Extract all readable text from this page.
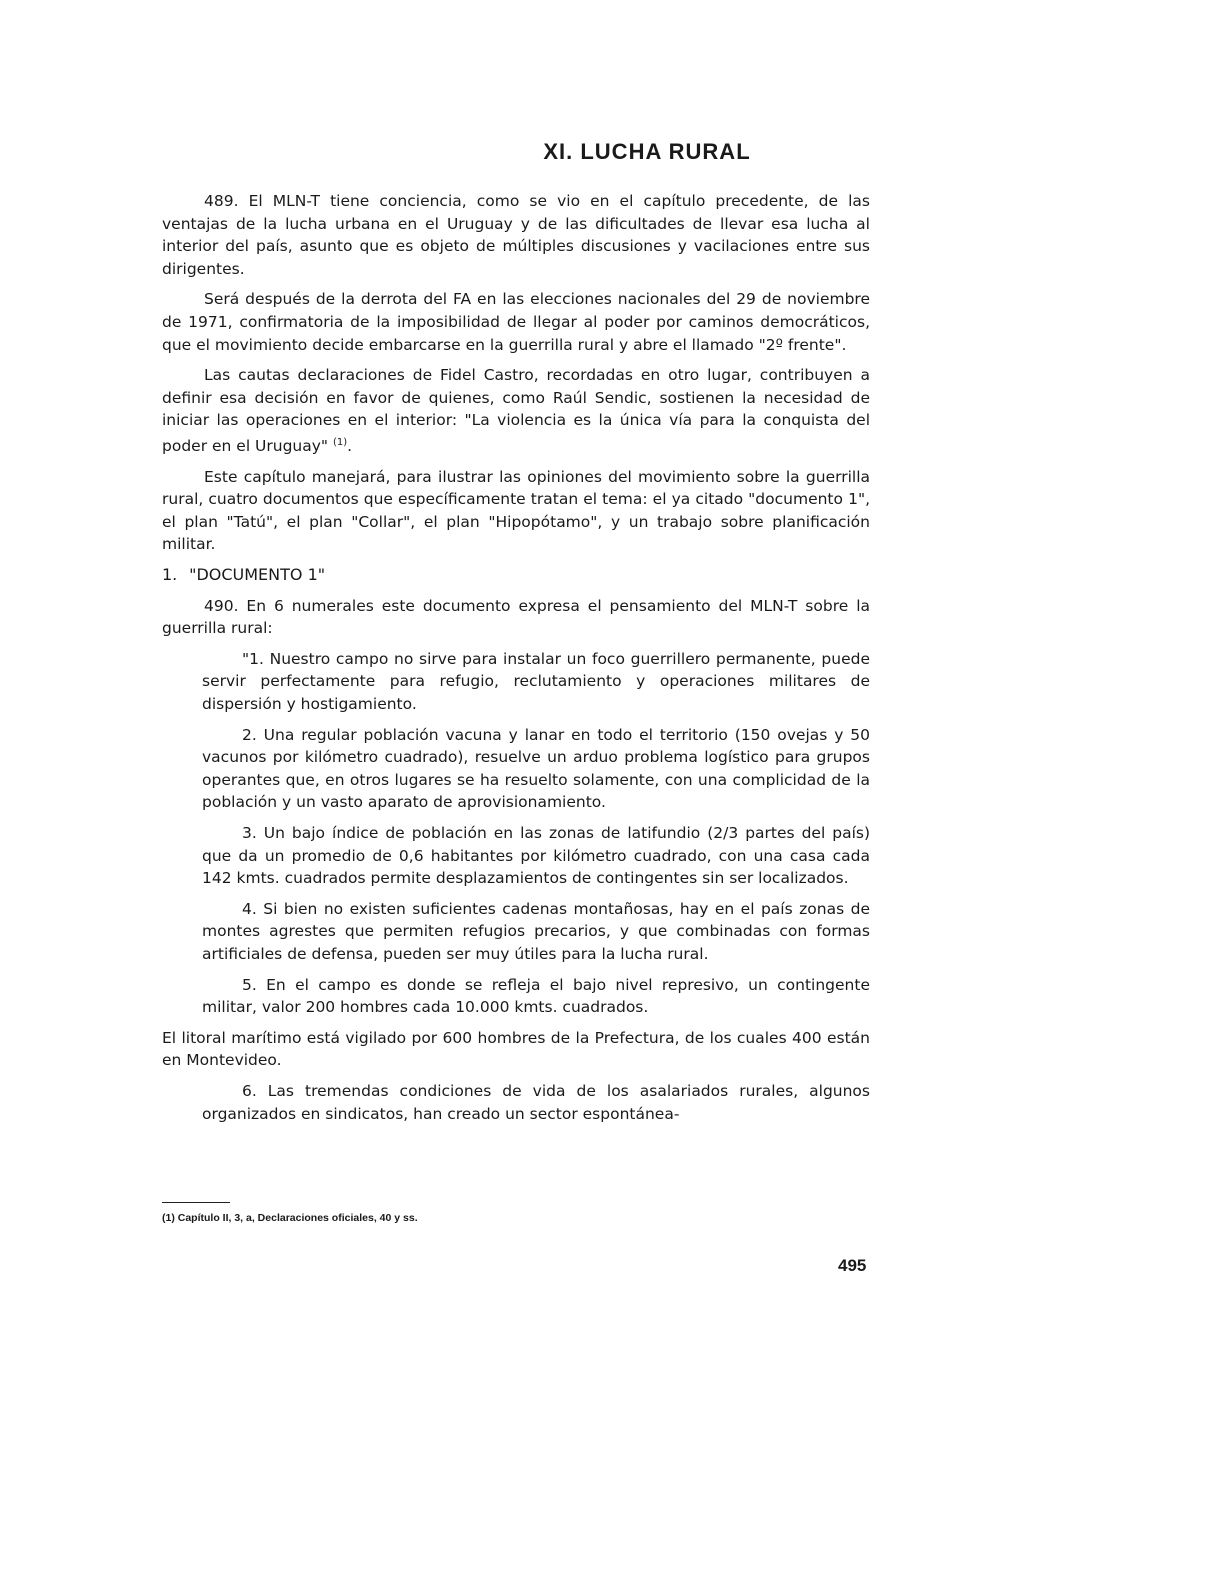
XI. LUCHA RURAL

489. El MLN-T tiene conciencia, como se vio en el capítulo precedente, de las ventajas de la lucha urbana en el Uruguay y de las dificultades de llevar esa lucha al interior del país, asunto que es objeto de múltiples discusiones y vacilaciones entre sus dirigentes.

Será después de la derrota del FA en las elecciones nacionales del 29 de noviembre de 1971, confirmatoria de la imposibilidad de llegar al poder por caminos democráticos, que el movimiento decide embarcarse en la guerrilla rural y abre el llamado "2º frente".

Las cautas declaraciones de Fidel Castro, recordadas en otro lugar, contribuyen a definir esa decisión en favor de quienes, como Raúl Sendic, sostienen la necesidad de iniciar las operaciones en el interior: "La violencia es la única vía para la conquista del poder en el Uruguay" $^{(1)}$.

Este capítulo manejará, para ilustrar las opiniones del movimiento sobre la guerrilla rural, cuatro documentos que específicamente tratan el tema: el ya citado "documento 1", el plan "Tatú", el plan "Collar", el plan "Hipopótamo", y un trabajo sobre planificación militar.

1. "DOCUMENTO 1"

490. En 6 numerales este documento expresa el pensamiento del MLN-T sobre la guerrilla rural:

"1. Nuestro campo no sirve para instalar un foco guerrillero permanente, puede servir perfectamente para refugio, reclutamiento y operaciones militares de dispersión y hostigamiento.

2. Una regular población vacuna y lanar en todo el territorio (150 ovejas y 50 vacunos por kilómetro cuadrado), resuelve un arduo problema logístico para grupos operantes que, en otros lugares se ha resuelto solamente, con una complicidad de la población y un vasto aparato de aprovisionamiento.

3. Un bajo índice de población en las zonas de latifundio (2/3 partes del país) que da un promedio de 0,6 habitantes por kilómetro cuadrado, con una casa cada 142 kmts. cuadrados permite desplazamientos de contingentes sin ser localizados.

4. Si bien no existen suficientes cadenas montañosas, hay en el país zonas de montes agrestes que permiten refugios precarios, y que combinadas con formas artificiales de defensa, pueden ser muy útiles para la lucha rural.

5. En el campo es donde se refleja el bajo nivel represivo, un contingente militar, valor 200 hombres cada 10.000 kmts. cuadrados.

El litoral marítimo está vigilado por 600 hombres de la Prefectura, de los cuales 400 están en Montevideo.

6. Las tremendas condiciones de vida de los asalariados rurales, algunos organizados en sindicatos, han creado un sector espontánea-

(1) Capítulo II, 3, a, Declaraciones oficiales, 40 y ss.
495
